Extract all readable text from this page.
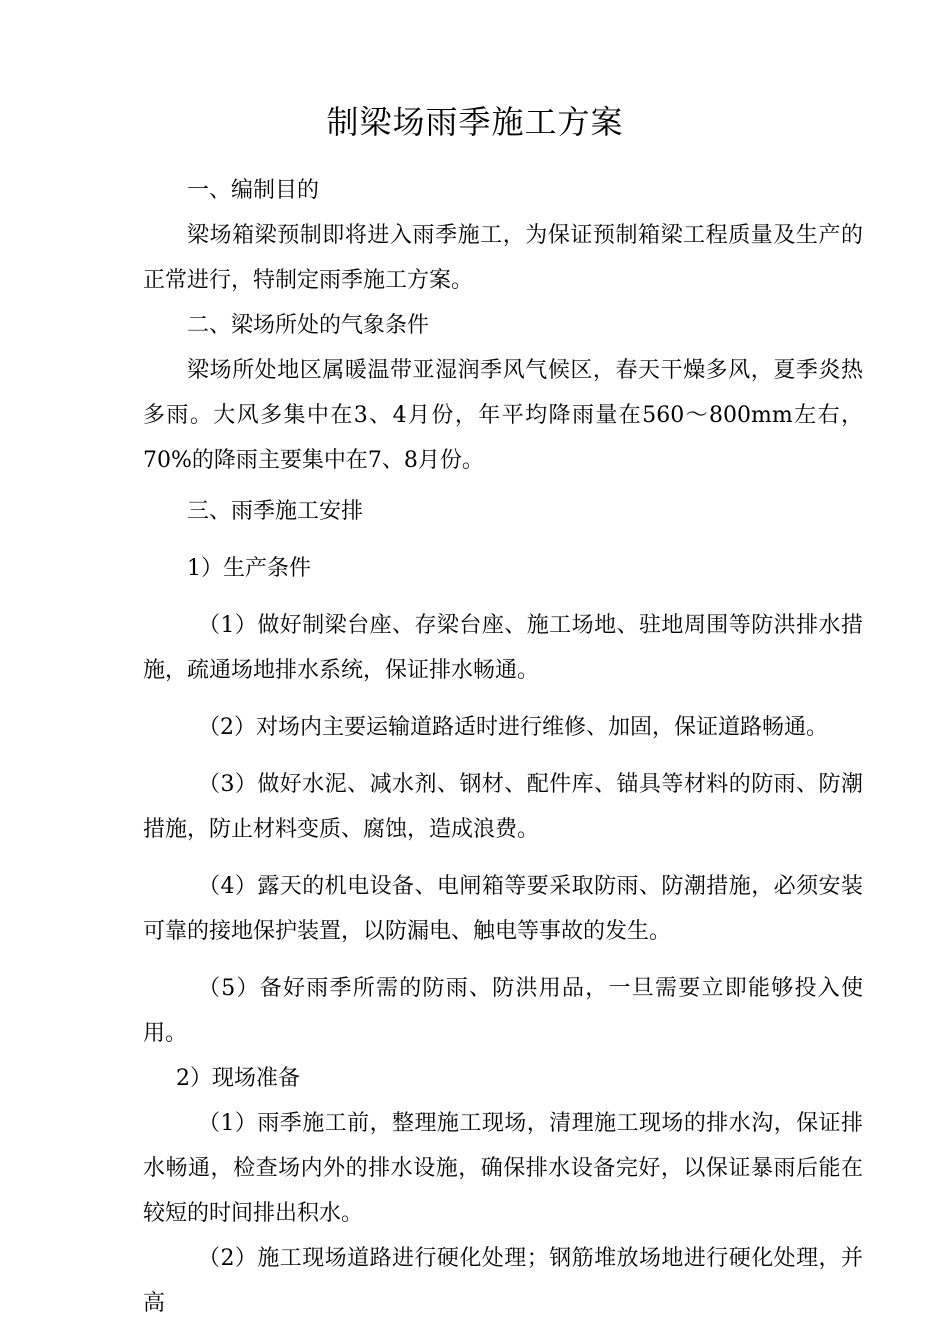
制梁场雨季施工方案

一、编制目的

梁场箱梁预制即将进入雨季施工，为保证预制箱梁工程质量及生产的正常进行，特制定雨季施工方案。

二、梁场所处的气象条件

梁场所处地区属暖温带亚湿润季风气候区，春天干燥多风，夏季炎热多雨。大风多集中在3、4月份，年平均降雨量在560～800mm左右，70%的降雨主要集中在7、8月份。

三、雨季施工安排

1）生产条件

（1）做好制梁台座、存梁台座、施工场地、驻地周围等防洪排水措施，疏通场地排水系统，保证排水畅通。

（2）对场内主要运输道路适时进行维修、加固，保证道路畅通。

（3）做好水泥、减水剂、钢材、配件库、锚具等材料的防雨、防潮措施，防止材料变质、腐蚀，造成浪费。

（4）露天的机电设备、电闸箱等要采取防雨、防潮措施，必须安装可靠的接地保护装置，以防漏电、触电等事故的发生。

（5）备好雨季所需的防雨、防洪用品，一旦需要立即能够投入使用。

2）现场准备

（1）雨季施工前，整理施工现场，清理施工现场的排水沟，保证排水畅通，检查场内外的排水设施，确保排水设备完好，以保证暴雨后能在较短的时间排出积水。

（2）施工现场道路进行硬化处理；钢筋堆放场地进行硬化处理，并高
